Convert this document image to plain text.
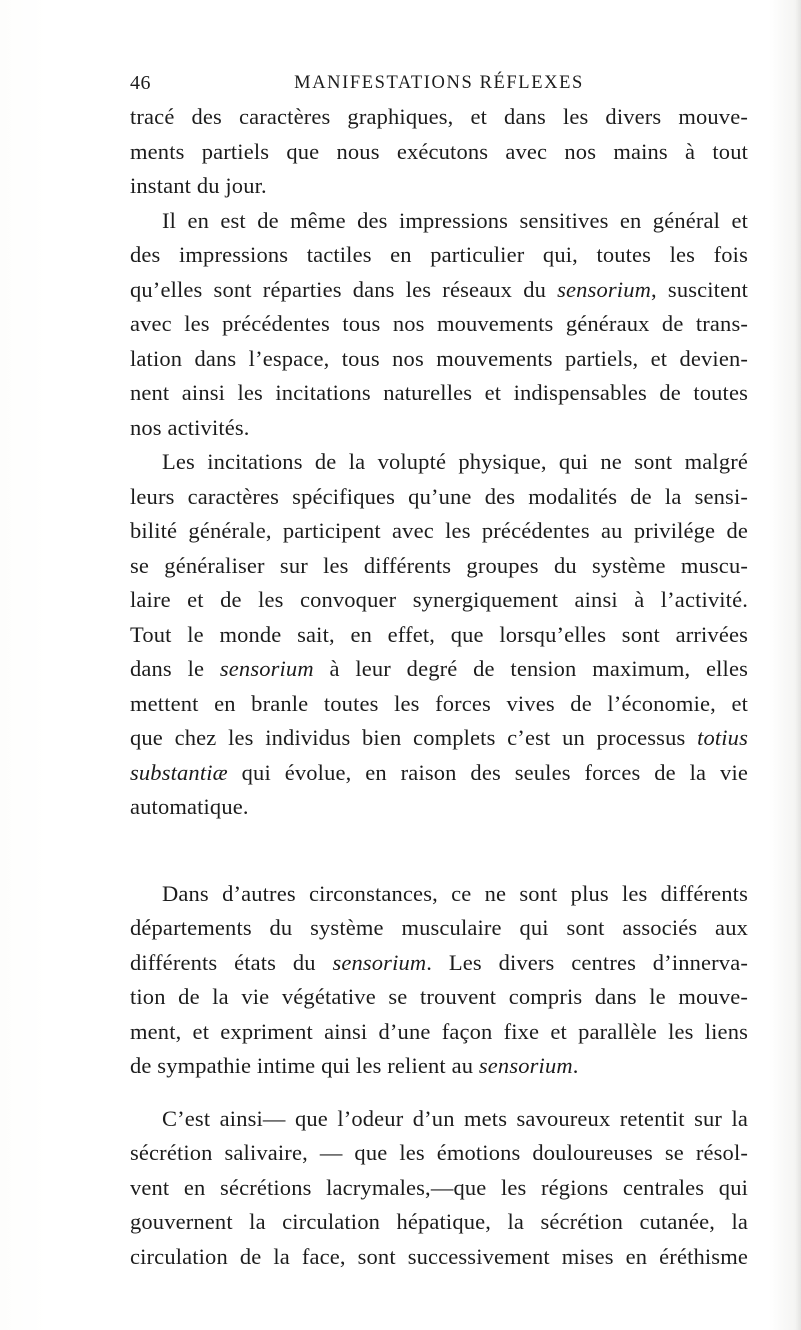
46	MANIFESTATIONS RÉFLEXES
tracé des caractères graphiques, et dans les divers mouve-
ments partiels que nous exécutons avec nos mains à tout
instant du jour.
Il en est de même des impressions sensitives en général et
des impressions tactiles en particulier qui, toutes les fois
qu’elles sont réparties dans les réseaux du sensorium, suscitent
avec les précédentes tous nos mouvements généraux de trans-
lation dans l’espace, tous nos mouvements partiels, et devien-
nent ainsi les incitations naturelles et indispensables de toutes
nos activités.
Les incitations de la volupté physique, qui ne sont malgré
leurs caractères spécifiques qu’une des modalités de la sensi-
bilité générale, participent avec les précédentes au privilége de
se généraliser sur les différents groupes du système muscu-
laire et de les convoquer synergiquement ainsi à l’activité.
Tout le monde sait, en effet, que lorsqu’elles sont arrivées
dans le sensorium à leur degré de tension maximum, elles
mettent en branle toutes les forces vives de l’économie, et
que chez les individus bien complets c’est un processus totius
substantiæ qui évolue, en raison des seules forces de la vie
automatique.
Dans d’autres circonstances, ce ne sont plus les différents
départements du système musculaire qui sont associés aux
différents états du sensorium. Les divers centres d’innerva-
tion de la vie végétative se trouvent compris dans le mouve-
ment, et expriment ainsi d’une façon fixe et parallèle les liens
de sympathie intime qui les relient au sensorium.
C’est ainsi— que l’odeur d’un mets savoureux retentit sur la
sécrétion salivaire, — que les émotions douloureuses se résol-
vent en sécrétions lacrymales,—que les régions centrales qui
gouvernent la circulation hépatique, la sécrétion cutanée, la
circulation de la face, sont successivement mises en éréthisme
